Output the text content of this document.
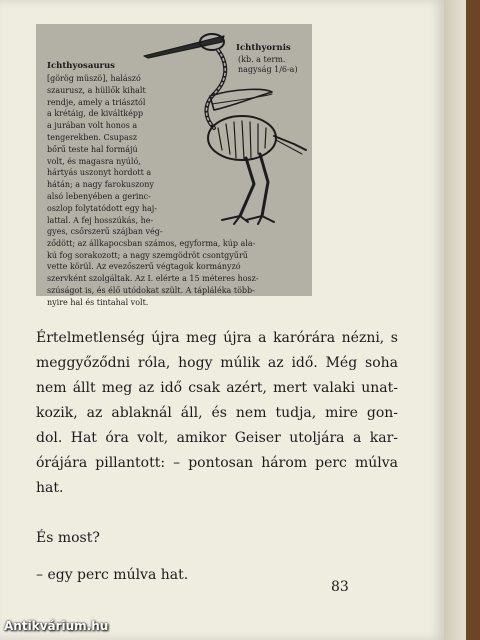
Ichthyosaurus
Ichthyornis
(kb. a term.
nagyság 1/6-a)
[görög müszö], halászó
szaurusz, a hüllők kihalt
rendje, amely a triásztól
a krétáig, de kiváltképp
a jurában volt honos a
tengerekben. Csupasz
bőrű teste hal formájú
volt, és magasra nyúló,
hártyás uszonyt hordott a
hátán; a nagy farokuszony
alsó lebenyében a gerinc-
oszlop folytatódott egy haj-
lattal. A fej hosszúkás, he-
gyes, csőrszerű szájban vég-
ződött; az állkapocsban számos, egyforma, kúp ala-
kú fog sorakozott; a nagy szemgödröt csontgyűrű
vette körül. Az evezőszerű végtagok kormányzó
szervként szolgáltak. Az I. elérte a 15 méteres hosz-
szúságot is, és élő utódokat szült. A táplálékа több-
nyire hal és tintahal volt.
Értelmetlenség újra meg újra a karórára nézni, s
meggyőződni róla, hogy múlik az idő. Még soha
nem állt meg az idő csak azért, mert valaki unat-
kozik, az ablaknál áll, és nem tudja, mire gon-
dol. Hat óra volt, amikor Geiser utoljára a kar-
órájára pillantott: – pontosan három perc múlva
hat.
És most?
– egy perc múlva hat.
83
Antikvárium.hu
